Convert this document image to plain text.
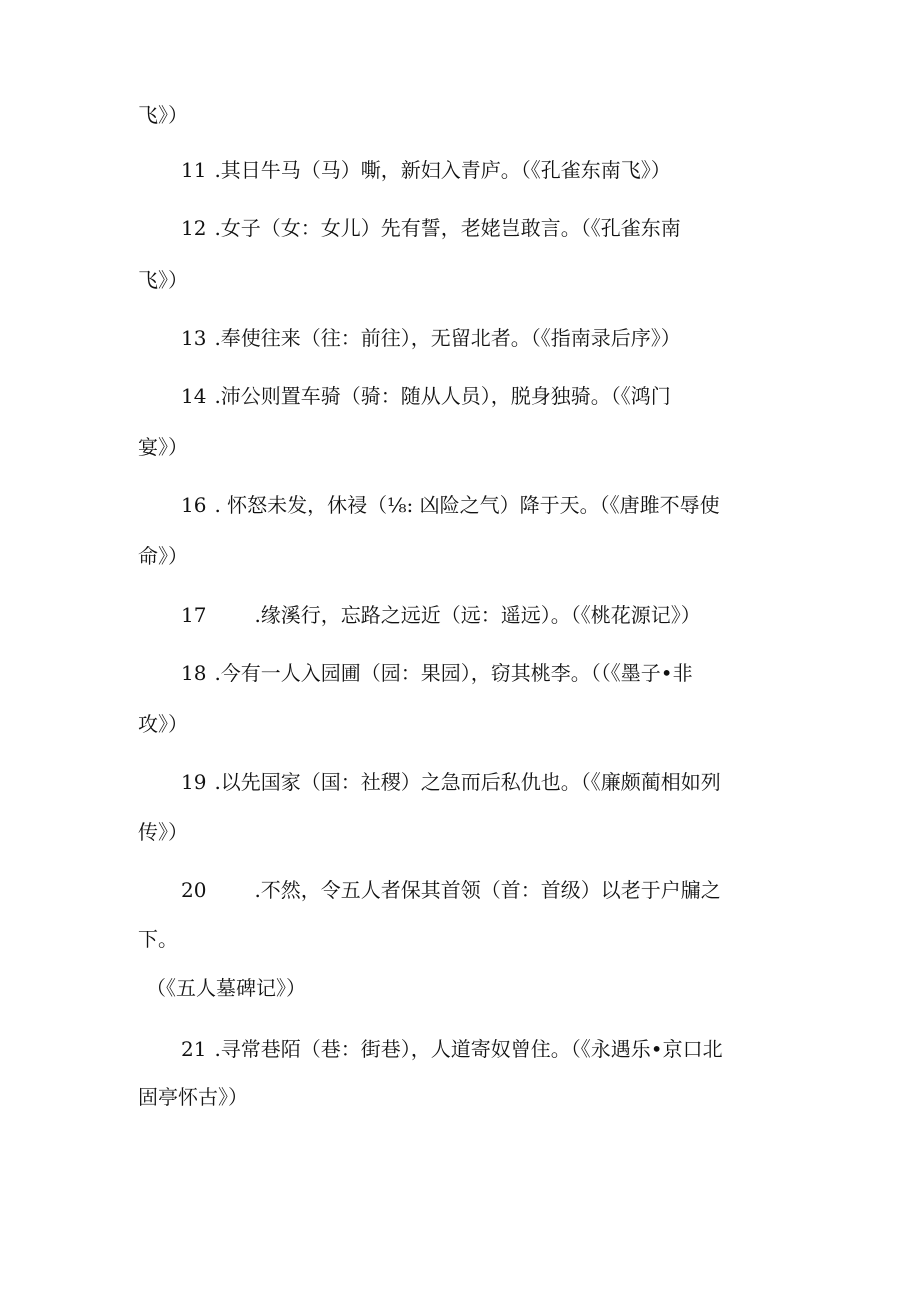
飞》）
11 .其日牛马（马）嘶，新妇入青庐。（《孔雀东南飞》）
12 .女子（女：女儿）先有誓，老姥岂敢言。（《孔雀东南
飞》）
13 .奉使往来（往：前往），无留北者。（《指南录后序》）
14 .沛公则置车骑（骑：随从人员），脱身独骑。（《鸿门
宴》）
16 . 怀怒未发，休祲（⅛: 凶险之气）降于天。（《唐雎不辱使
命》）
17 .缘溪行，忘路之远近（远：遥远）。（《桃花源记》）
18 .今有一人入园圃（园：果园），窃其桃李。（（《墨子•非
攻》）
19 .以先国家（国：社稷）之急而后私仇也。（《廉颇蔺相如列
传》）
20 .不然，令五人者保其首领（首：首级）以老于户牖之
下。
（《五人墓碑记》）
21 .寻常巷陌（巷：街巷），人道寄奴曾住。（《永遇乐•京口北
固亭怀古》）
